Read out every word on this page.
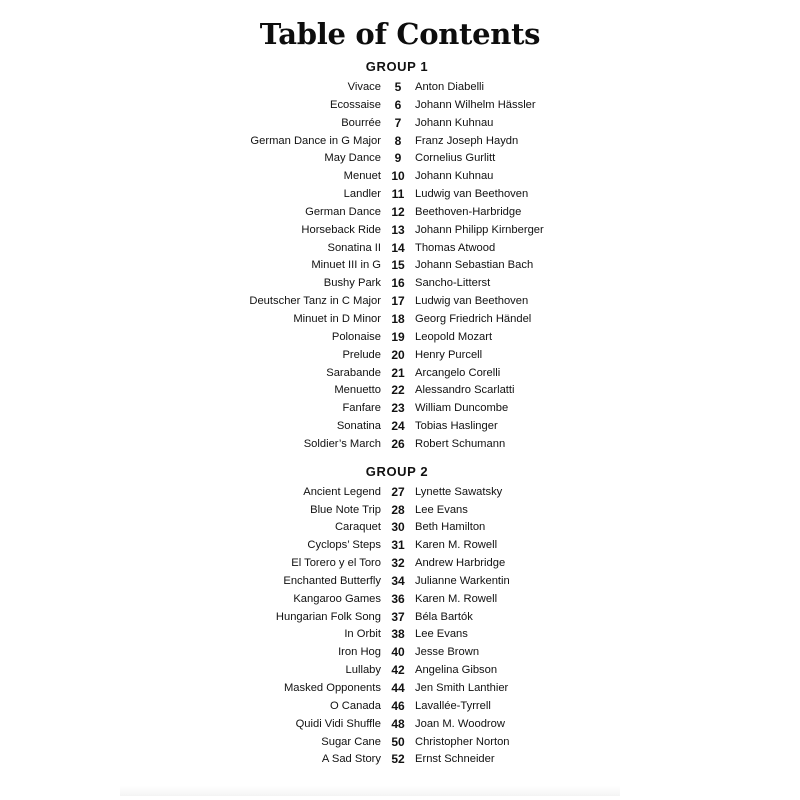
Table of Contents
GROUP 1
Vivace	5	Anton Diabelli
Ecossaise	6	Johann Wilhelm Hässler
Bourrée	7	Johann Kuhnau
German Dance in G Major	8	Franz Joseph Haydn
May Dance	9	Cornelius Gurlitt
Menuet 10 Johann Kuhnau
Landler 11 Ludwig van Beethoven
German Dance 12 Beethoven-Harbridge
Horseback Ride 13 Johann Philipp Kirnberger
Sonatina II 14 Thomas Atwood
Minuet III in G 15 Johann Sebastian Bach
Bushy Park 16 Sancho-Litterst
Deutscher Tanz in C Major 17 Ludwig van Beethoven
Minuet in D Minor 18 Georg Friedrich Händel
Polonaise 19 Leopold Mozart
Prelude 20 Henry Purcell
Sarabande 21 Arcangelo Corelli
Menuetto 22 Alessandro Scarlatti
Fanfare 23 William Duncombe
Sonatina 24 Tobias Haslinger
Soldier’s March 26 Robert Schumann
GROUP 2
Ancient Legend 27 Lynette Sawatsky
Blue Note Trip 28 Lee Evans
Caraquet 30 Beth Hamilton
Cyclops’ Steps 31 Karen M. Rowell
El Torero y el Toro 32 Andrew Harbridge
Enchanted Butterfly 34 Julianne Warkentin
Kangaroo Games 36 Karen M. Rowell
Hungarian Folk Song 37 Béla Bartók
In Orbit 38 Lee Evans
Iron Hog 40 Jesse Brown
Lullaby 42 Angelina Gibson
Masked Opponents 44 Jen Smith Lanthier
O Canada 46 Lavallée-Tyrrell
Quidi Vidi Shuffle 48 Joan M. Woodrow
Sugar Cane 50 Christopher Norton
A Sad Story 52 Ernst Schneider
